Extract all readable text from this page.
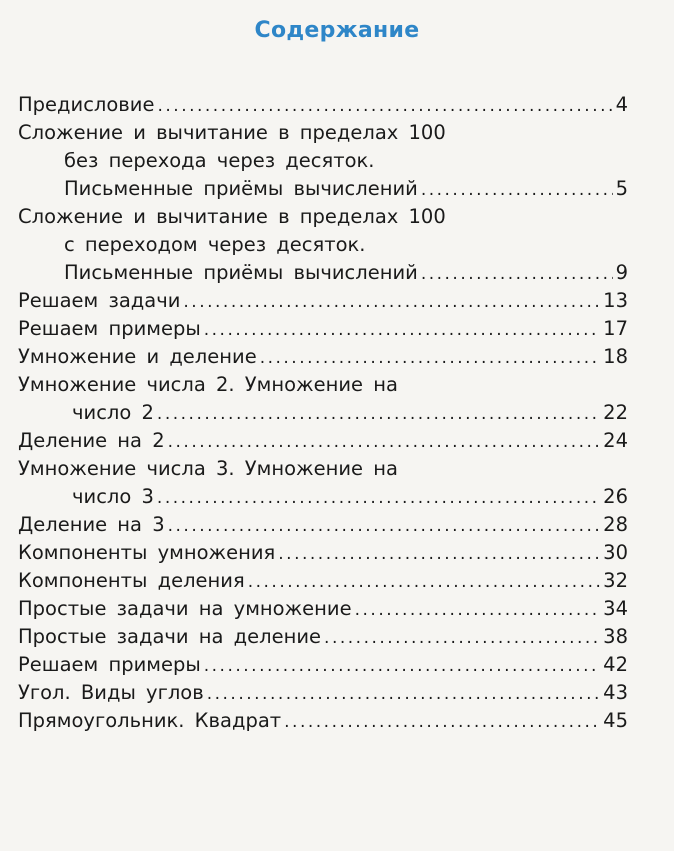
Содержание
Предисловие .....	4
Сложение и вычитание в пределах 100
без перехода через десяток.
Письменные приёмы вычислений .....	5
Сложение и вычитание в пределах 100
с переходом через десяток.
Письменные приёмы вычислений .....	9
Решаем задачи .....	13
Решаем примеры .....	17
Умножение и деление .....	18
Умножение числа 2. Умножение на
число 2 .....	22
Деление на 2 .....	24
Умножение числа 3. Умножение на
число 3 .....	26
Деление на 3 .....	28
Компоненты умножения .....	30
Компоненты деления .....	32
Простые задачи на умножение .....	34
Простые задачи на деление .....	38
Решаем примеры .....	42
Угол. Виды углов .....	43
Прямоугольник. Квадрат .....	45
